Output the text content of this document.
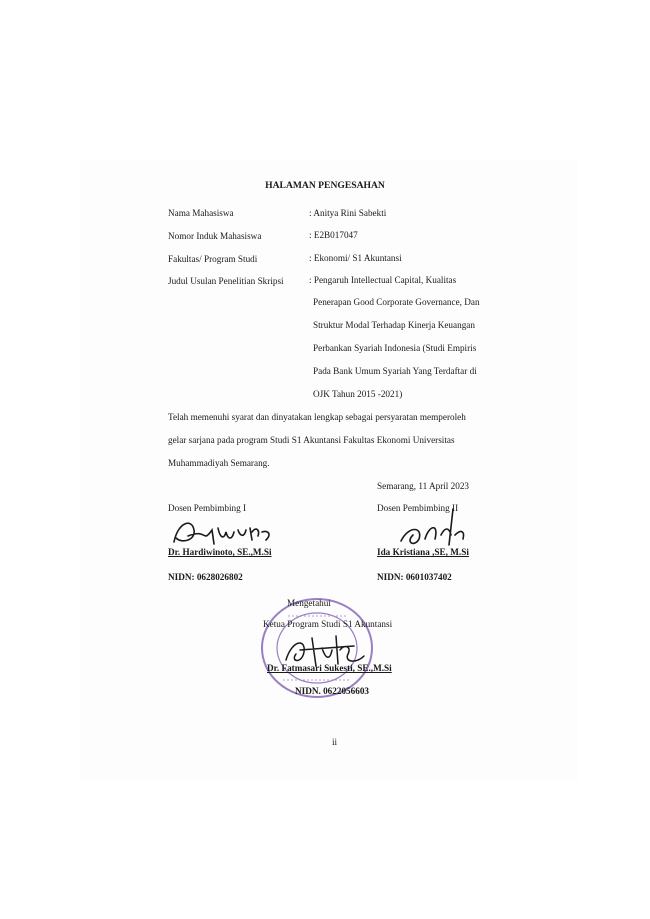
HALAMAN PENGESAHAN
Nama Mahasiswa	: Anitya Rini Sabekti
Nomor Induk Mahasiswa	: E2B017047
Fakultas/ Program Studi	: Ekonomi/ S1 Akuntansi
Judul Usulan Penelitian Skripsi	: Pengaruh Intellectual Capital, Kualitas
Penerapan Good Corporate Governance, Dan
Struktur Modal Terhadap Kinerja Keuangan
Perbankan Syariah Indonesia (Studi Empiris
Pada Bank Umum Syariah Yang Terdaftar di
OJK Tahun 2015 -2021)
Telah memenuhi syarat dan dinyatakan lengkap sebagai persyaratan memperoleh
gelar sarjana pada program Studi S1 Akuntansi Fakultas Ekonomi Universitas
Muhammadiyah Semarang.
Semarang, 11 April 2023
Dosen Pembimbing I
Dr. Hardiwinoto, SE.,M.Si
NIDN: 0628026802
Dosen Pembimbing II
Ida Kristiana ,SE, M.Si
NIDN: 0601037402
Mengetahui
Ketua Program Studi S1 Akuntansi
Dr. Fatmasari Sukesti, SE.,M.Si
NIDN. 0622056603
ii
